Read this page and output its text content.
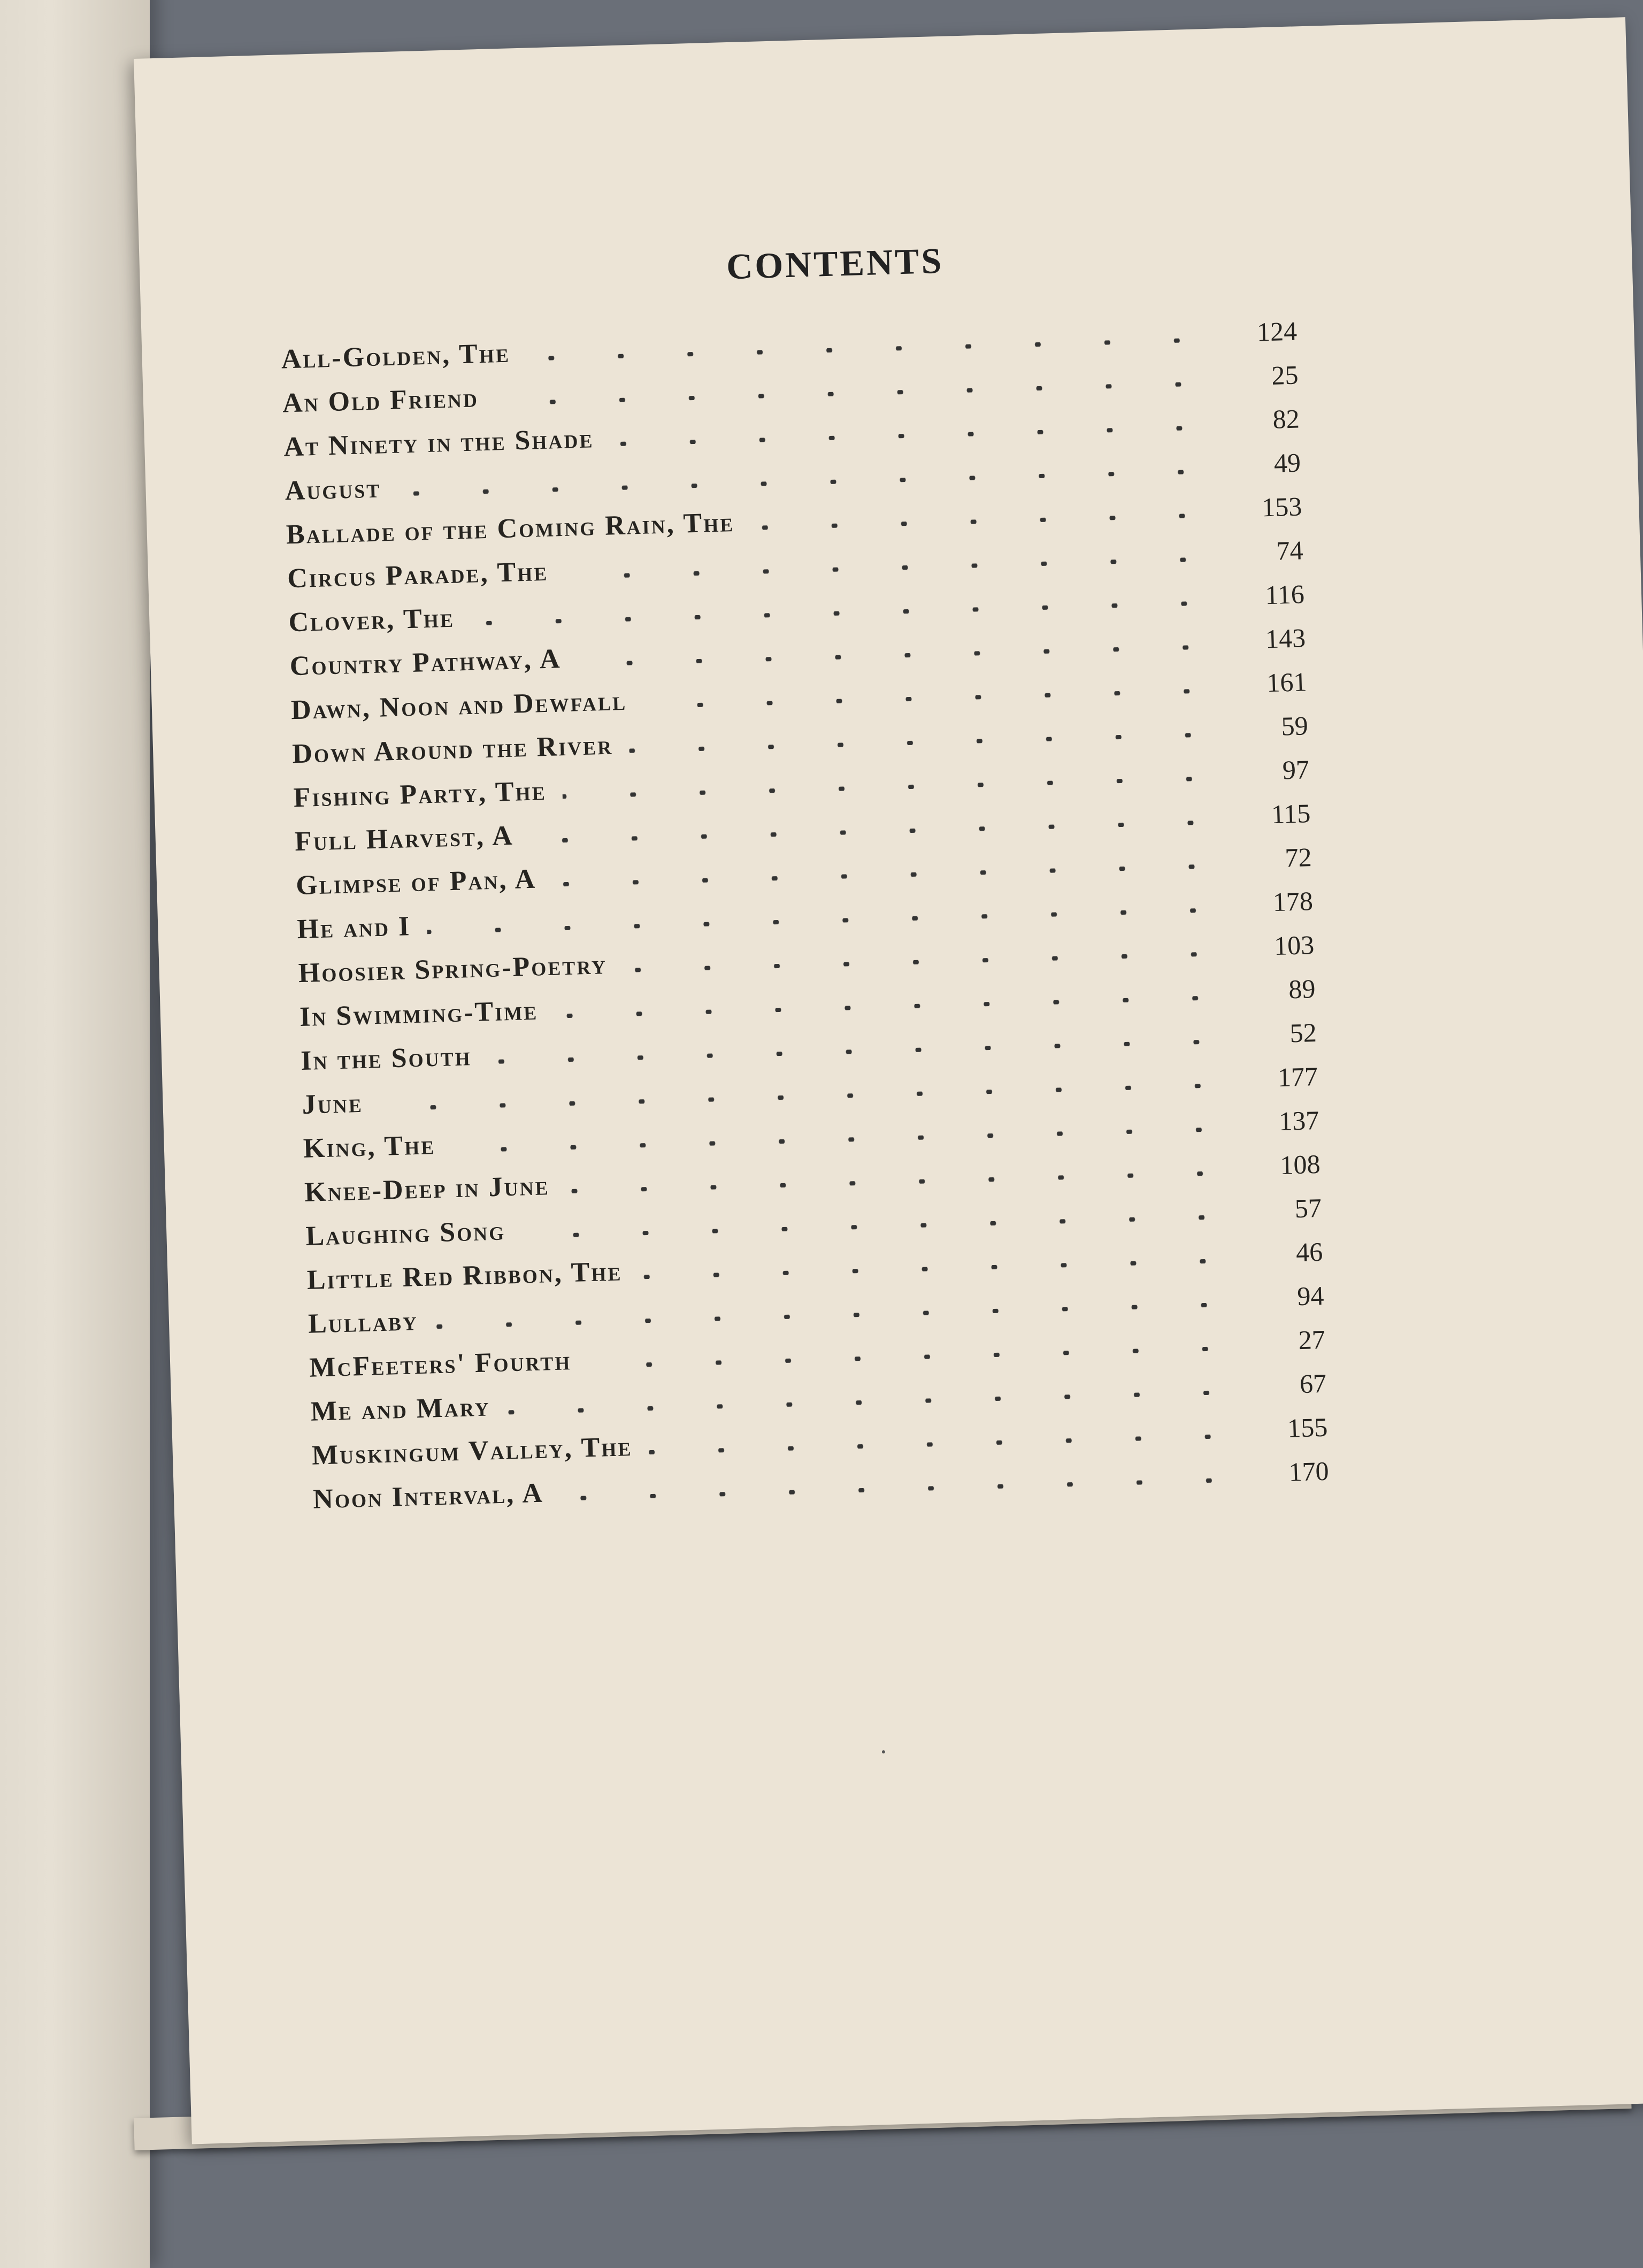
CONTENTS
All-Golden, The
124
An Old Friend
25
At Ninety in the Shade
82
August
49
Ballade of the Coming Rain, The
153
Circus Parade, The
74
Clover, The
116
Country Pathway, A
143
Dawn, Noon and Dewfall
161
Down Around the River
59
Fishing Party, The
97
Full Harvest, A
115
Glimpse of Pan, A
72
He and I
178
Hoosier Spring-Poetry
103
In Swimming-Time
89
In the South
52
June
177
King, The
137
Knee-Deep in June
108
Laughing Song
57
Little Red Ribbon, The
46
Lullaby
94
McFeeters' Fourth
27
Me and Mary
67
Muskingum Valley, The
155
Noon Interval, A
170
